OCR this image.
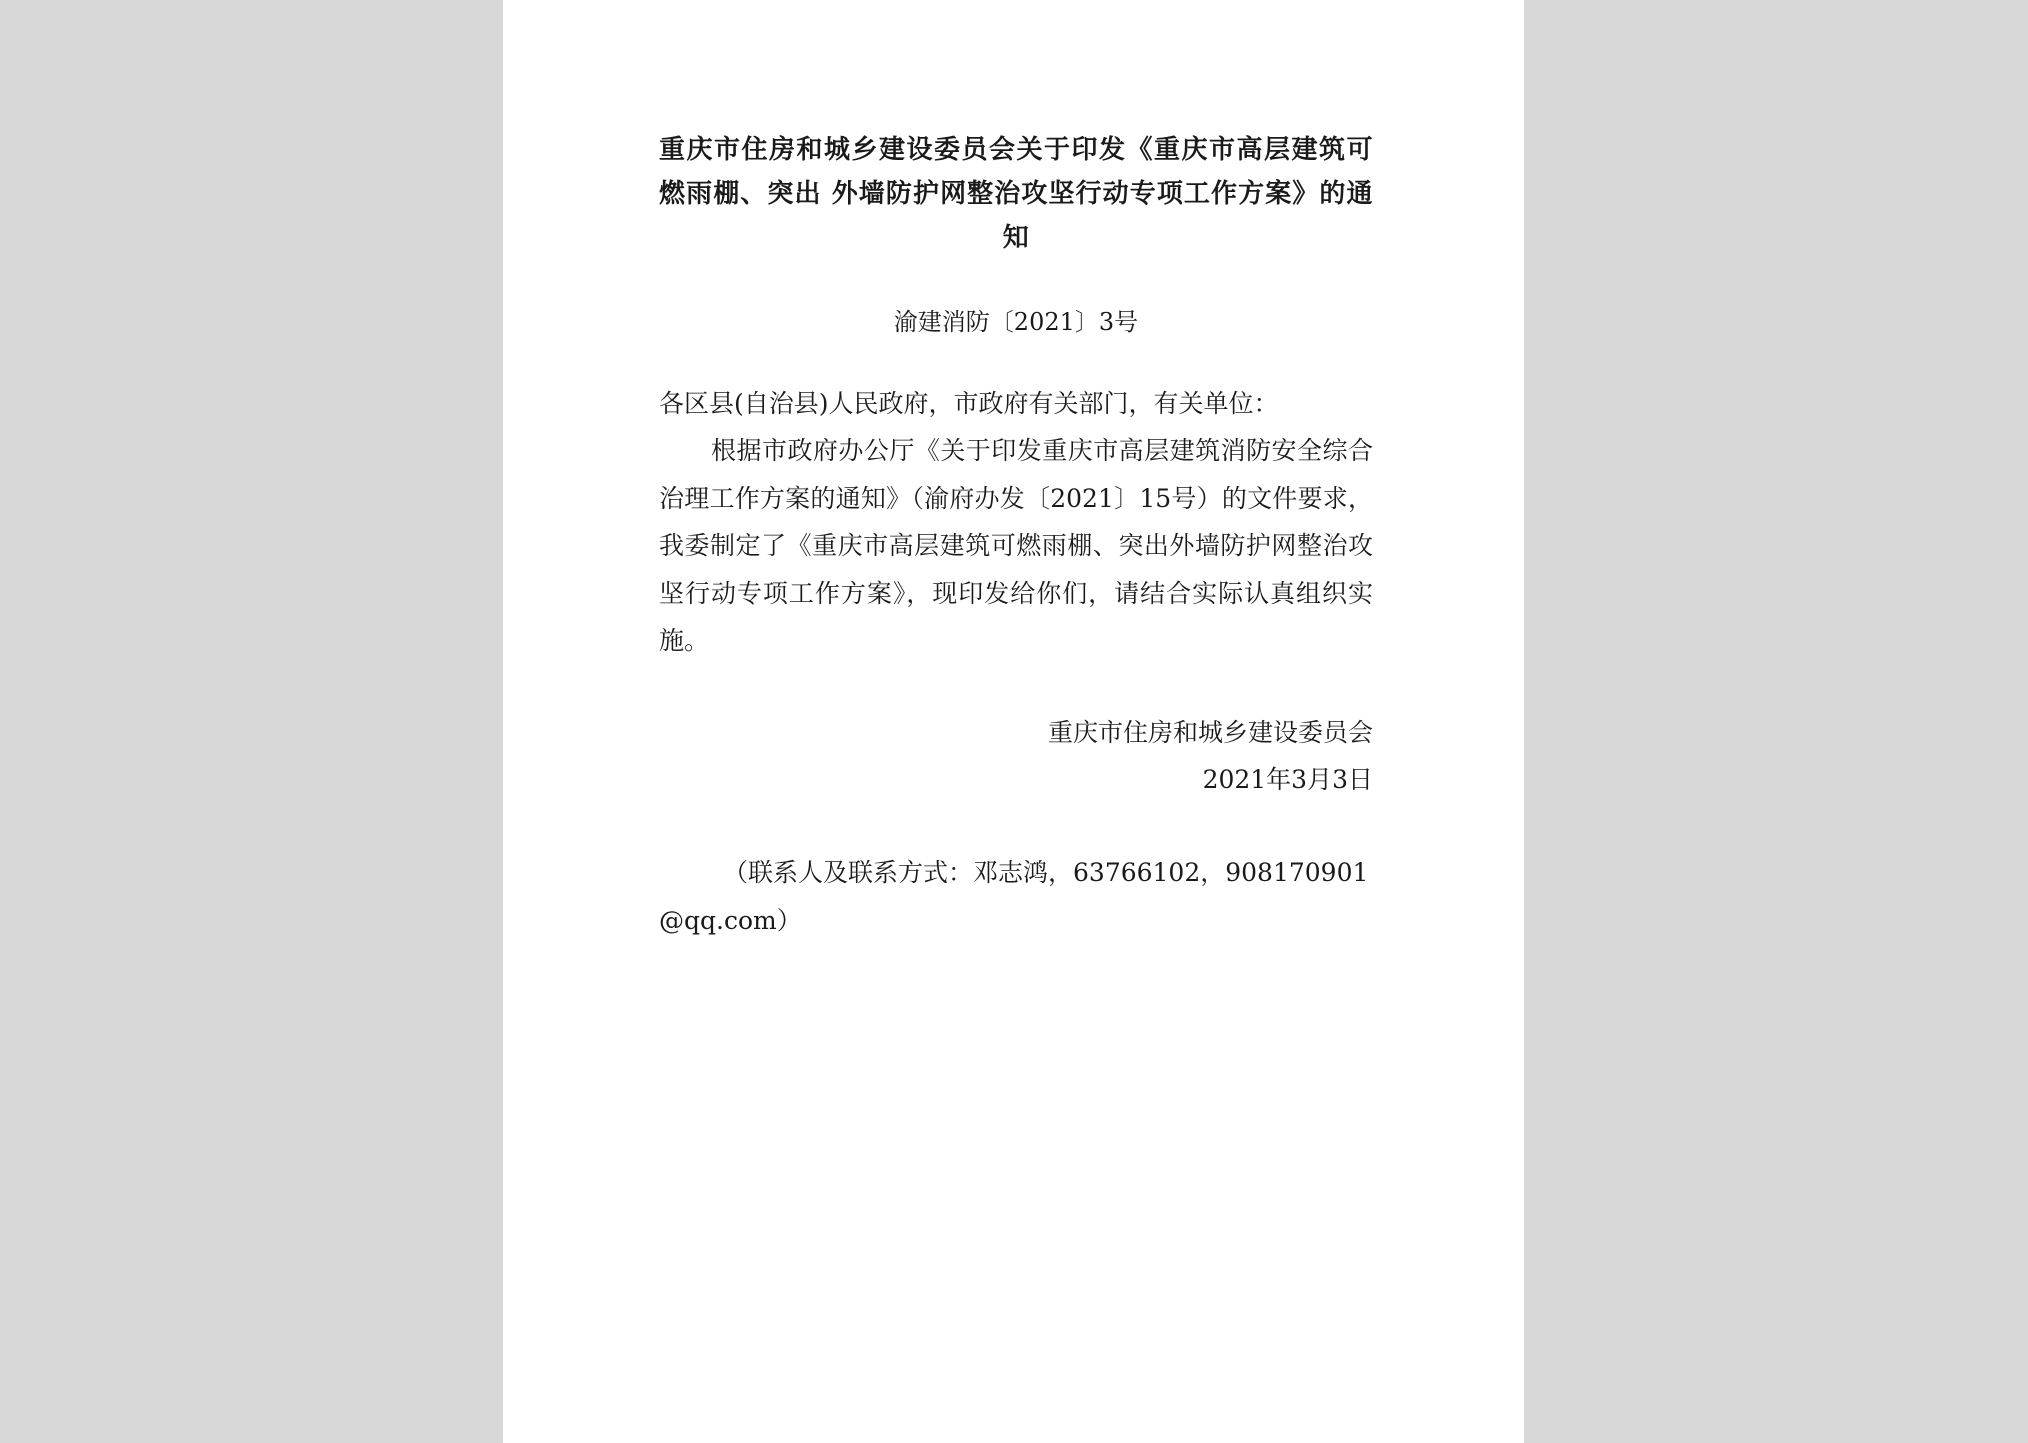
重庆市住房和城乡建设委员会关于印发《重庆市高层建筑可燃雨棚、突出 外墙防护网整治攻坚行动专项工作方案》的通知

渝建消防〔2021〕3号

各区县(自治县)人民政府，市政府有关部门，有关单位：

根据市政府办公厅《关于印发重庆市高层建筑消防安全综合治理工作方案的通知》（渝府办发〔2021〕15号）的文件要求，我委制定了《重庆市高层建筑可燃雨棚、突出外墙防护网整治攻坚行动专项工作方案》，现印发给你们，请结合实际认真组织实施。

重庆市住房和城乡建设委员会
2021年3月3日

（联系人及联系方式：邓志鸿，63766102，908170901@qq.com）
